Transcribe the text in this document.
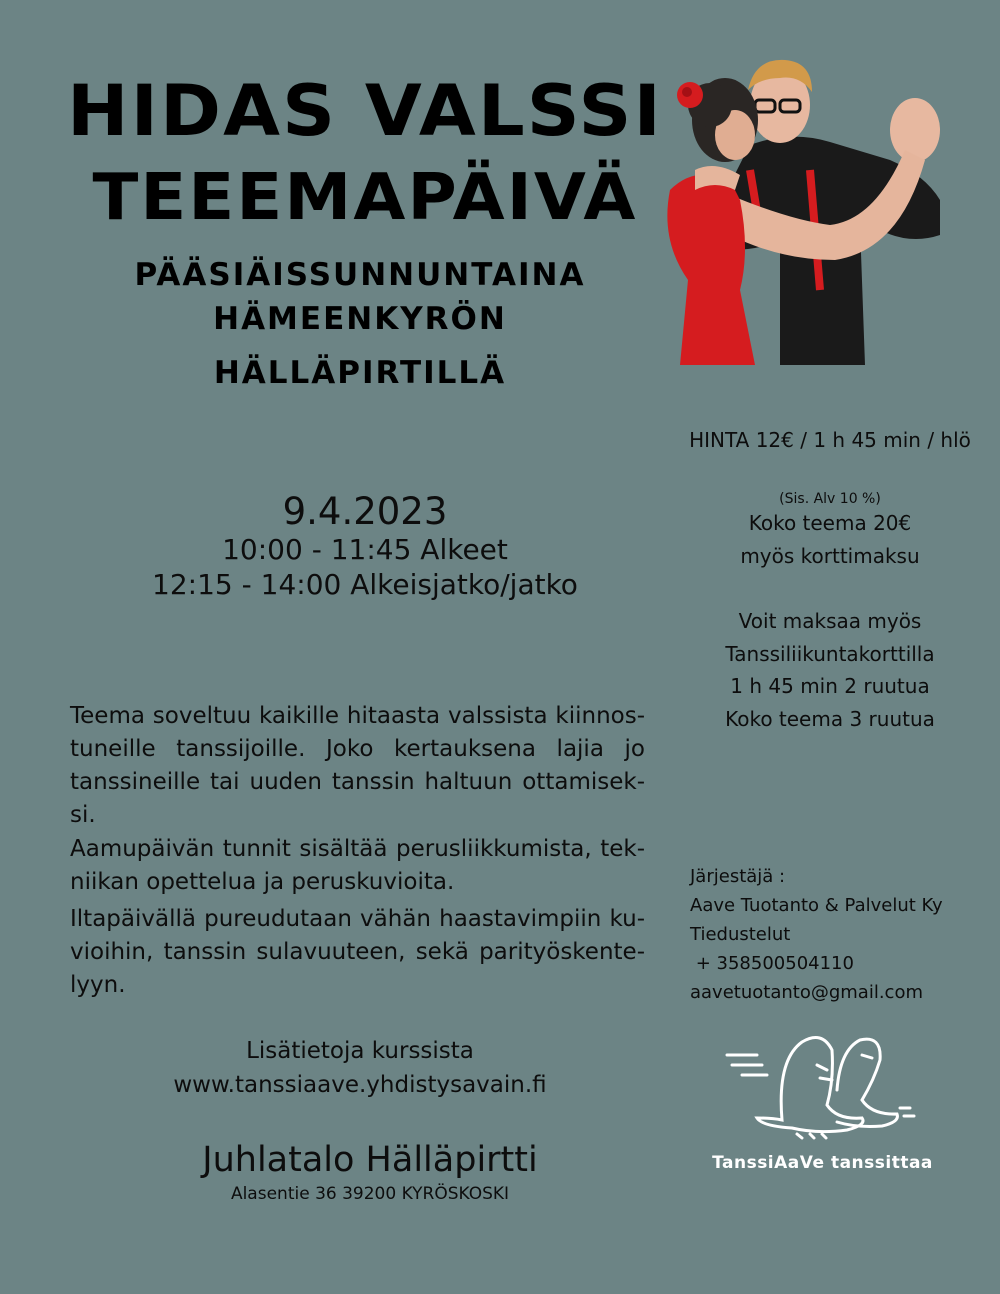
HIDAS VALSSI
TEEEMAPÄIVÄ
PÄÄSIÄISSUNNUNTAINA
HÄMEENKYRÖN
HÄLLÄPIRTILLÄ
9.4.2023
10:00 - 11:45 Alkeet
12:15 - 14:00 Alkeisjatko/jatko
Teema soveltuu kaikille hitaasta valssista kiinnos-tuneille tanssijoille. Joko kertauksena lajia jo tanssineille tai uuden tanssin haltuun ottamisek-si.
Aamupäivän tunnit sisältää perusliikkumista, tek-niikan opettelua ja peruskuvioita.
Iltapäivällä pureudutaan vähän haastavimpiin ku-vioihin, tanssin sulavuuteen, sekä parityöskente-lyyn.
Lisätietoja kurssista
www.tanssiaave.yhdistysavain.fi
Juhlatalo Hälläpirtti
Alasentie 36 39200 KYRÖSKOSKI
HINTA 12€ / 1 h 45 min / hlö
(Sis. Alv 10 %)
Koko teema 20€
myös korttimaksu
Voit maksaa myös
Tanssiliikuntakorttilla
1 h 45 min 2 ruutua
Koko teema 3 ruutua
Järjestäjä :
Aave Tuotanto & Palvelut Ky
Tiedustelut
+ 358500504110
aavetuotanto@gmail.com
TanssiAaVe tanssittaa
